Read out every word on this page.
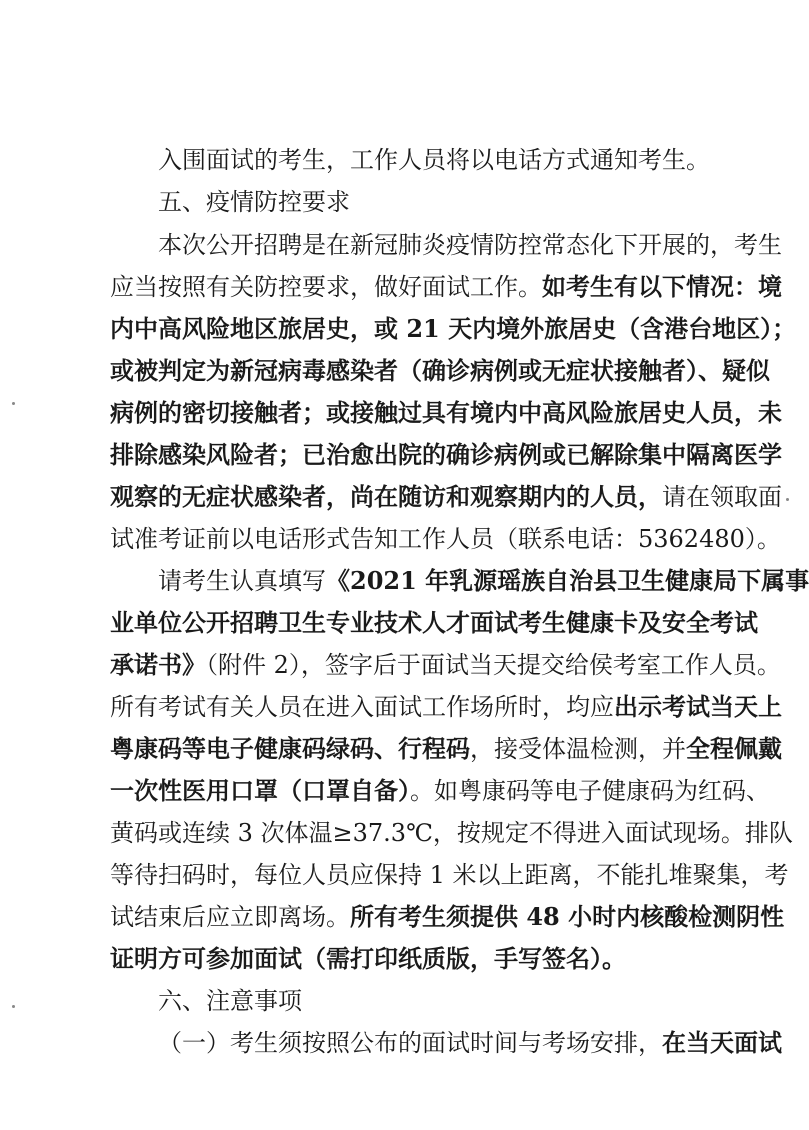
入围面试的考生，工作人员将以电话方式通知考生。
五、疫情防控要求
本次公开招聘是在新冠肺炎疫情防控常态化下开展的，考生
应当按照有关防控要求，做好面试工作。如考生有以下情况：境
内中高风险地区旅居史，或 21 天内境外旅居史（含港台地区）；
或被判定为新冠病毒感染者（确诊病例或无症状接触者）、疑似
病例的密切接触者；或接触过具有境内中高风险旅居史人员，未
排除感染风险者；已治愈出院的确诊病例或已解除集中隔离医学
观察的无症状感染者，尚在随访和观察期内的人员，请在领取面
试准考证前以电话形式告知工作人员（联系电话：5362480）。
请考生认真填写《2021 年乳源瑶族自治县卫生健康局下属事
业单位公开招聘卫生专业技术人才面试考生健康卡及安全考试
承诺书》（附件 2），签字后于面试当天提交给侯考室工作人员。
所有考试有关人员在进入面试工作场所时，均应出示考试当天上
粤康码等电子健康码绿码、行程码，接受体温检测，并全程佩戴
一次性医用口罩（口罩自备）。如粤康码等电子健康码为红码、
黄码或连续 3 次体温≥37.3℃，按规定不得进入面试现场。排队
等待扫码时，每位人员应保持 1 米以上距离，不能扎堆聚集，考
试结束后应立即离场。所有考生须提供 48 小时内核酸检测阴性
证明方可参加面试（需打印纸质版，手写签名）。
六、注意事项
（一）考生须按照公布的面试时间与考场安排，在当天面试
